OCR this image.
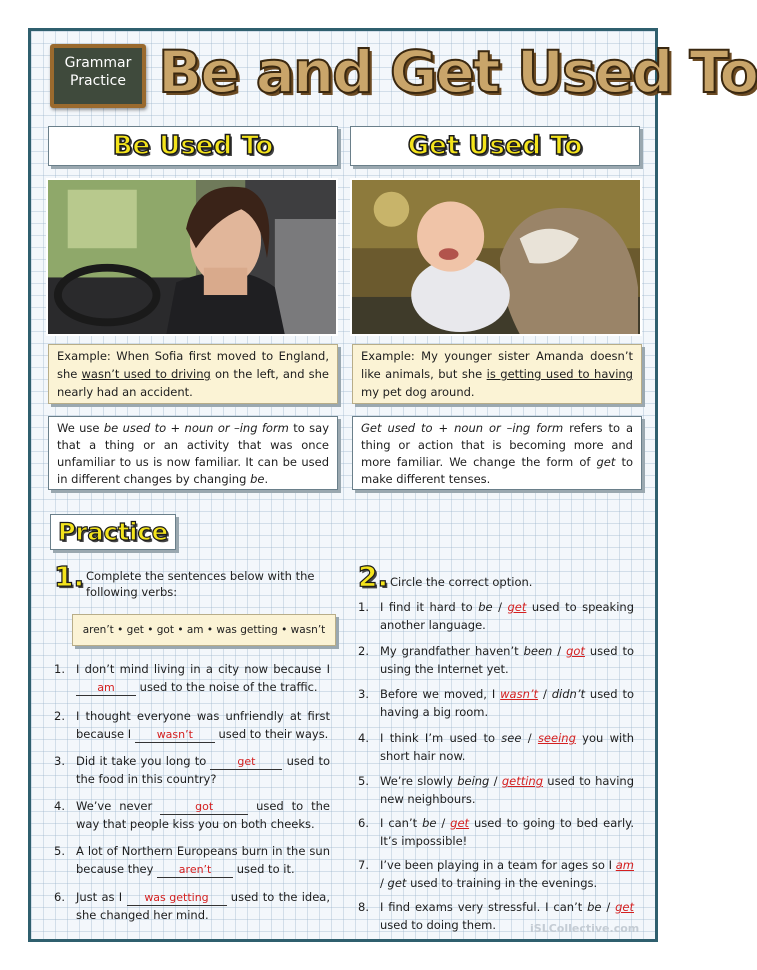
Grammar
Practice Be and Get Used To
Be Used To	Get Used To
Example: When Sofia first moved to England, she wasn’t used to driving on the left, and she nearly had an accident.
Example: My younger sister Amanda doesn’t like animals, but she is getting used to having my pet dog around.
We use be used to + noun or –ing form to say that a thing or an activity that was once unfamiliar to us is now familiar. It can be used in different changes by changing be.
Get used to + noun or –ing form refers to a thing or action that is becoming more and more familiar. We change the form of get to make different tenses.
Practice
1. Complete the sentences below with the following verbs:
aren’t • get • got • am • was getting • wasn’t
2. Circle the correct option.
1. I don’t mind living in a city now because I am used to the noise of the traffic.
2. I thought everyone was unfriendly at first because I wasn’t used to their ways.
3. Did it take you long to get used to the food in this country?
4. We’ve never	got	used to the way that people kiss you on both cheeks.
5. A lot of Northern Europeans burn in the sun because they aren’t used to it.
6. Just as I was getting used to the idea, she changed her mind.
1. I find it hard to be / get used to speaking another language.
2. My grandfather haven’t been / got used to using the Internet yet.
3. Before we moved, I wasn’t / didn’t used to having a big room.
4. I think I’m used to see / seeing you with short hair now.
5. We’re slowly being / getting used to having new neighbours.
6. I can’t be / get used to going to bed early. It’s impossible!
7. I’ve been playing in a team for ages so I am / get used to training in the evenings.
8. I find exams very stressful. I can’t be / get used to doing them.	iSLCollective.com
